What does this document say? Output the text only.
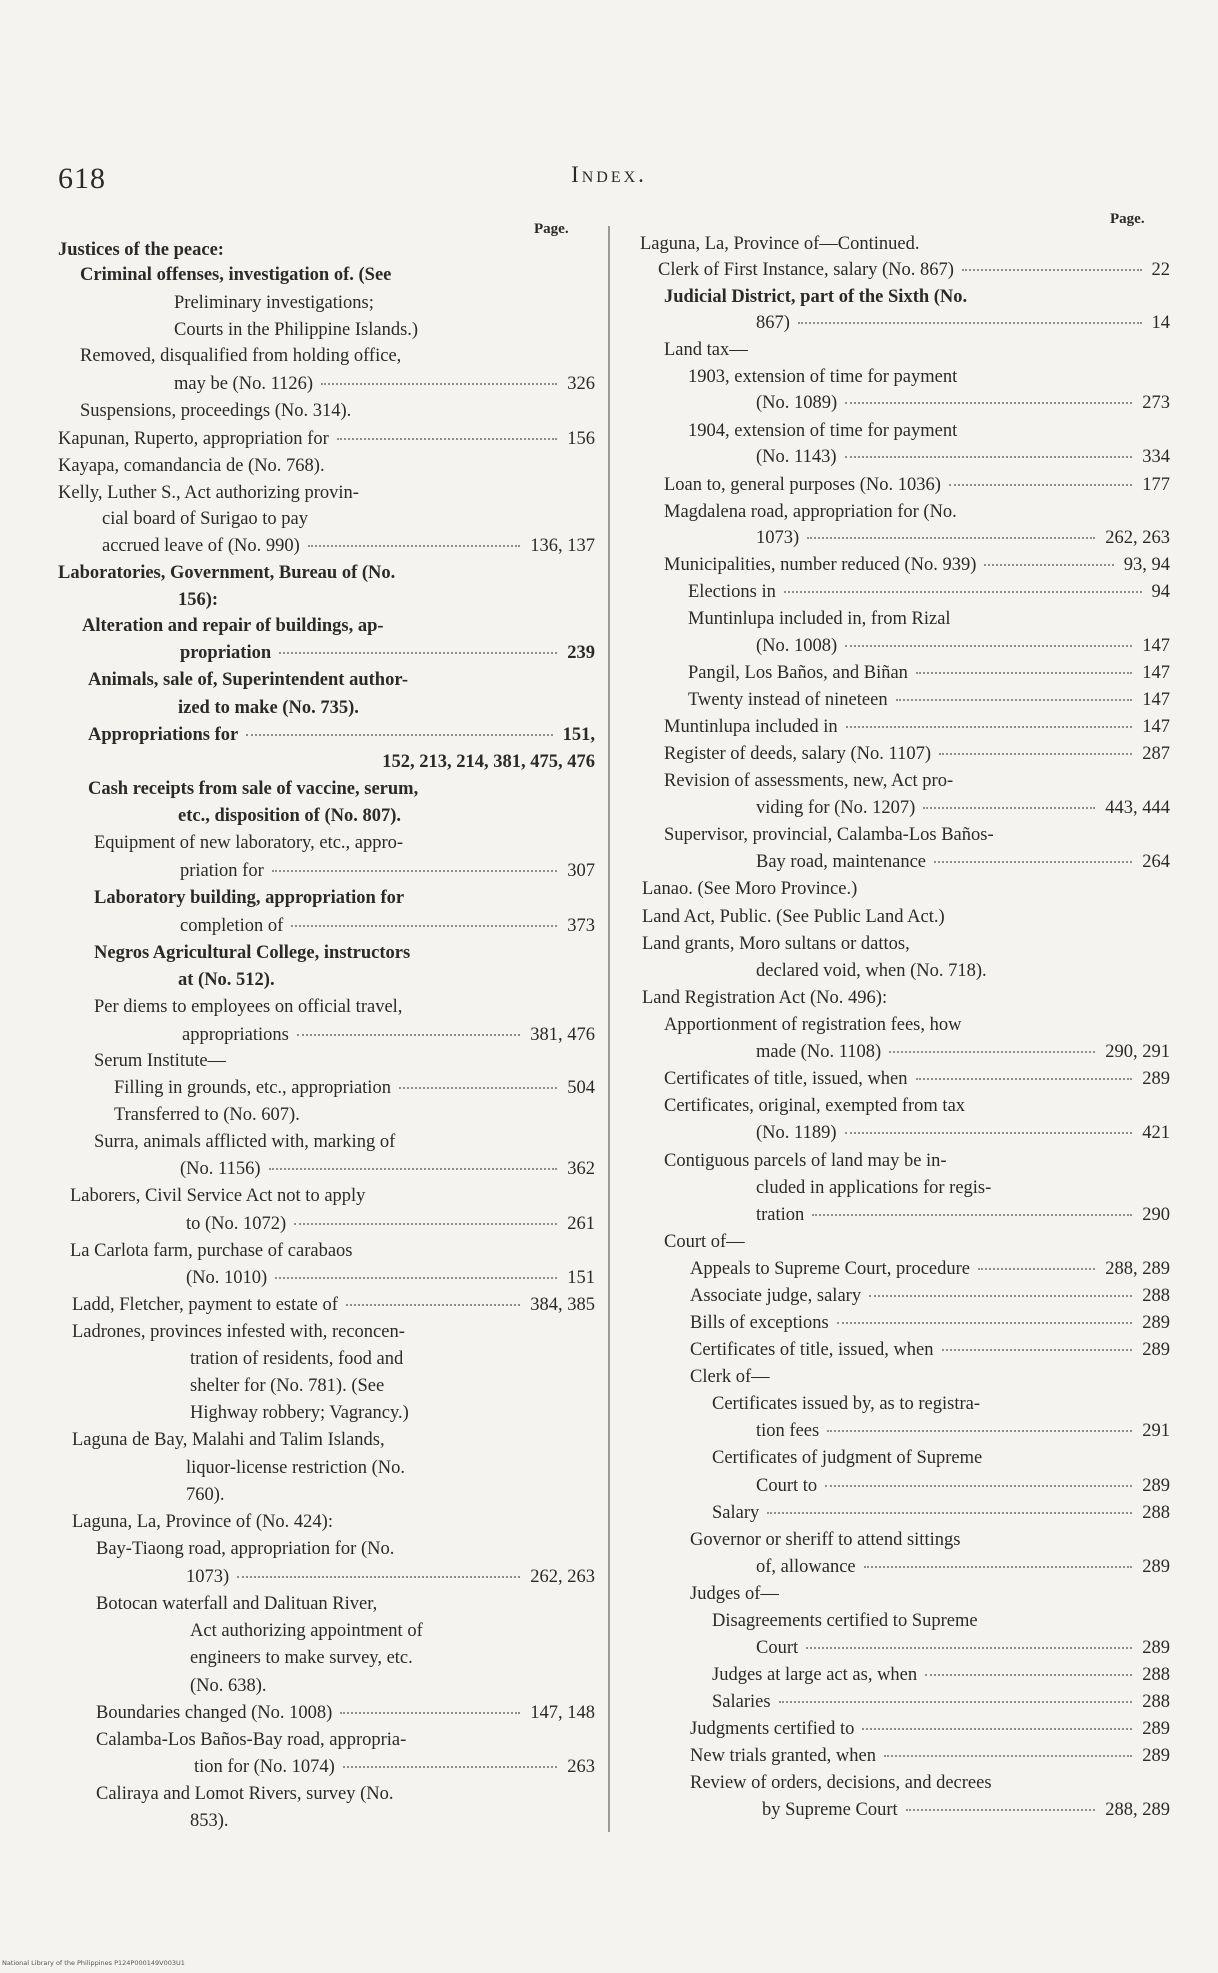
618	Index.
Page.
Page.
Justices of the peace:
Criminal offenses, investigation of. (See
Preliminary investigations;
Courts in the Philippine Islands.)
Removed, disqualified from holding office,
may be (No. 1126)	326
Suspensions, proceedings (No. 314).
Kapunan, Ruperto, appropriation for	156
Kayapa, comandancia de (No. 768).
Kelly, Luther S., Act authorizing provin-
cial board of Surigao to pay
accrued leave of (No. 990)	136, 137
Laboratories, Government, Bureau of (No.
156):
Alteration and repair of buildings, ap-
propriation	239
Animals, sale of, Superintendent author-
ized to make (No. 735).
Appropriations for	151,
152, 213, 214, 381, 475, 476
Cash receipts from sale of vaccine, serum,
etc., disposition of (No. 807).
Equipment of new laboratory, etc., appro-
priation for	307
Laboratory building, appropriation for
completion of	373
Negros Agricultural College, instructors
at (No. 512).
Per diems to employees on official travel,
appropriations	381, 476
Serum Institute—
Filling in grounds, etc., appropriation	504
Transferred to (No. 607).
Surra, animals afflicted with, marking of
(No. 1156)	362
Laborers, Civil Service Act not to apply
to (No. 1072)	261
La Carlota farm, purchase of carabaos
(No. 1010)	151
Ladd, Fletcher, payment to estate of	384, 385
Ladrones, provinces infested with, reconcen-
tration of residents, food and
shelter for (No. 781). (See
Highway robbery; Vagrancy.)
Laguna de Bay, Malahi and Talim Islands,
liquor-license restriction (No.
760).
Laguna, La, Province of (No. 424):
Bay-Tiaong road, appropriation for (No.
1073)	262, 263
Botocan waterfall and Dalituan River,
Act authorizing appointment of
engineers to make survey, etc.
(No. 638).
Boundaries changed (No. 1008)	147, 148
Calamba-Los Baños-Bay road, appropria-
tion for (No. 1074)	263
Caliraya and Lomot Rivers, survey (No.
853).
Laguna, La, Province of—Continued.
Clerk of First Instance, salary (No. 867)	22
Judicial District, part of the Sixth (No.
867)	14
Land tax—
1903, extension of time for payment
(No. 1089)	273
1904, extension of time for payment
(No. 1143)	334
Loan to, general purposes (No. 1036)	177
Magdalena road, appropriation for (No.
1073)	262, 263
Municipalities, number reduced (No. 939)	93, 94
Elections in	94
Muntinlupa included in, from Rizal
(No. 1008)	147
Pangil, Los Baños, and Biñan	147
Twenty instead of nineteen	147
Muntinlupa included in	147
Register of deeds, salary (No. 1107)	287
Revision of assessments, new, Act pro-
viding for (No. 1207)	443, 444
Supervisor, provincial, Calamba-Los Baños-
Bay road, maintenance	264
Lanao. (See Moro Province.)
Land Act, Public. (See Public Land Act.)
Land grants, Moro sultans or dattos,
declared void, when (No. 718).
Land Registration Act (No. 496):
Apportionment of registration fees, how
made (No. 1108)	290, 291
Certificates of title, issued, when	289
Certificates, original, exempted from tax
(No. 1189)	421
Contiguous parcels of land may be in-
cluded in applications for regis-
tration	290
Court of—
Appeals to Supreme Court, procedure	288, 289
Associate judge, salary	288
Bills of exceptions	289
Certificates of title, issued, when	289
Clerk of—
Certificates issued by, as to registra-
tion fees	291
Certificates of judgment of Supreme
Court to	289
Salary	288
Governor or sheriff to attend sittings
of, allowance	289
Judges of—
Disagreements certified to Supreme
Court	289
Judges at large act as, when	288
Salaries	288
Judgments certified to	289
New trials granted, when	289
Review of orders, decisions, and decrees
by Supreme Court	288, 289
National Library of the Philippines P124P000149V003U1
